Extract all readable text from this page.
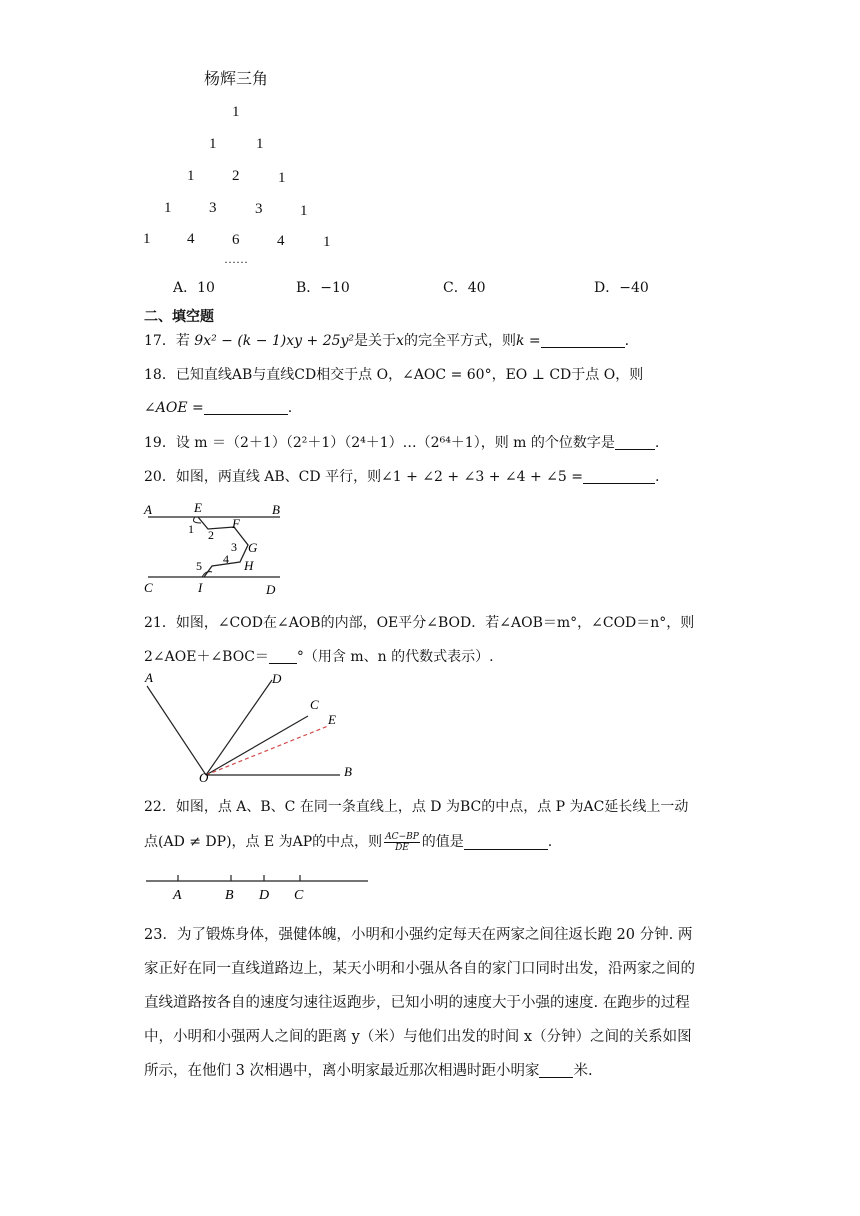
杨辉三角
1
1	1
1	2	1
1	3	3	1
1 4	6	4	1
……
A．10	B．−10	C．40	D．−40
二、填空题
17．若 9x² − (k − 1)xy + 25y²是关于x的完全平方式，则k =	.
18．已知直线AB与直线CD相交于点 O，∠AOC = 60°，EO ⊥ CD于点 O，则
∠AOE =	.
19．设 m ＝（2＋1）（2²＋1）（2⁴＋1）…（2⁶⁴＋1），则 m 的个位数字是	.
20．如图，两直线 AB、CD 平行，则∠1 + ∠2 + ∠3 + ∠4 + ∠5 =	.
A	E	B
1 2
F
3 G
4 H
5
C	I	D
21．如图，∠COD在∠AOB的内部，OE平分∠BOD．若∠AOB＝m°，∠COD＝n°，则
2∠AOE＋∠BOC＝ °（用含 m、n 的代数式表示）.
A	D
C
E
O	B
22．如图，点 A、B、C 在同一条直线上，点 D 为BC的中点，点 P 为AC延长线上一动
点(AD ≠ DP)，点 E 为AP的中点，则 AC−BP
DE 的值是	.
A	B D C
23．为了锻炼身体，强健体魄，小明和小强约定每天在两家之间往返长跑 20 分钟. 两
家正好在同一直线道路边上，某天小明和小强从各自的家门口同时出发，沿两家之间的
直线道路按各自的速度匀速往返跑步，已知小明的速度大于小强的速度. 在跑步的过程
中，小明和小强两人之间的距离 y（米）与他们出发的时间 x（分钟）之间的关系如图
所示，在他们 3 次相遇中，离小明家最近那次相遇时距小明家 米.
